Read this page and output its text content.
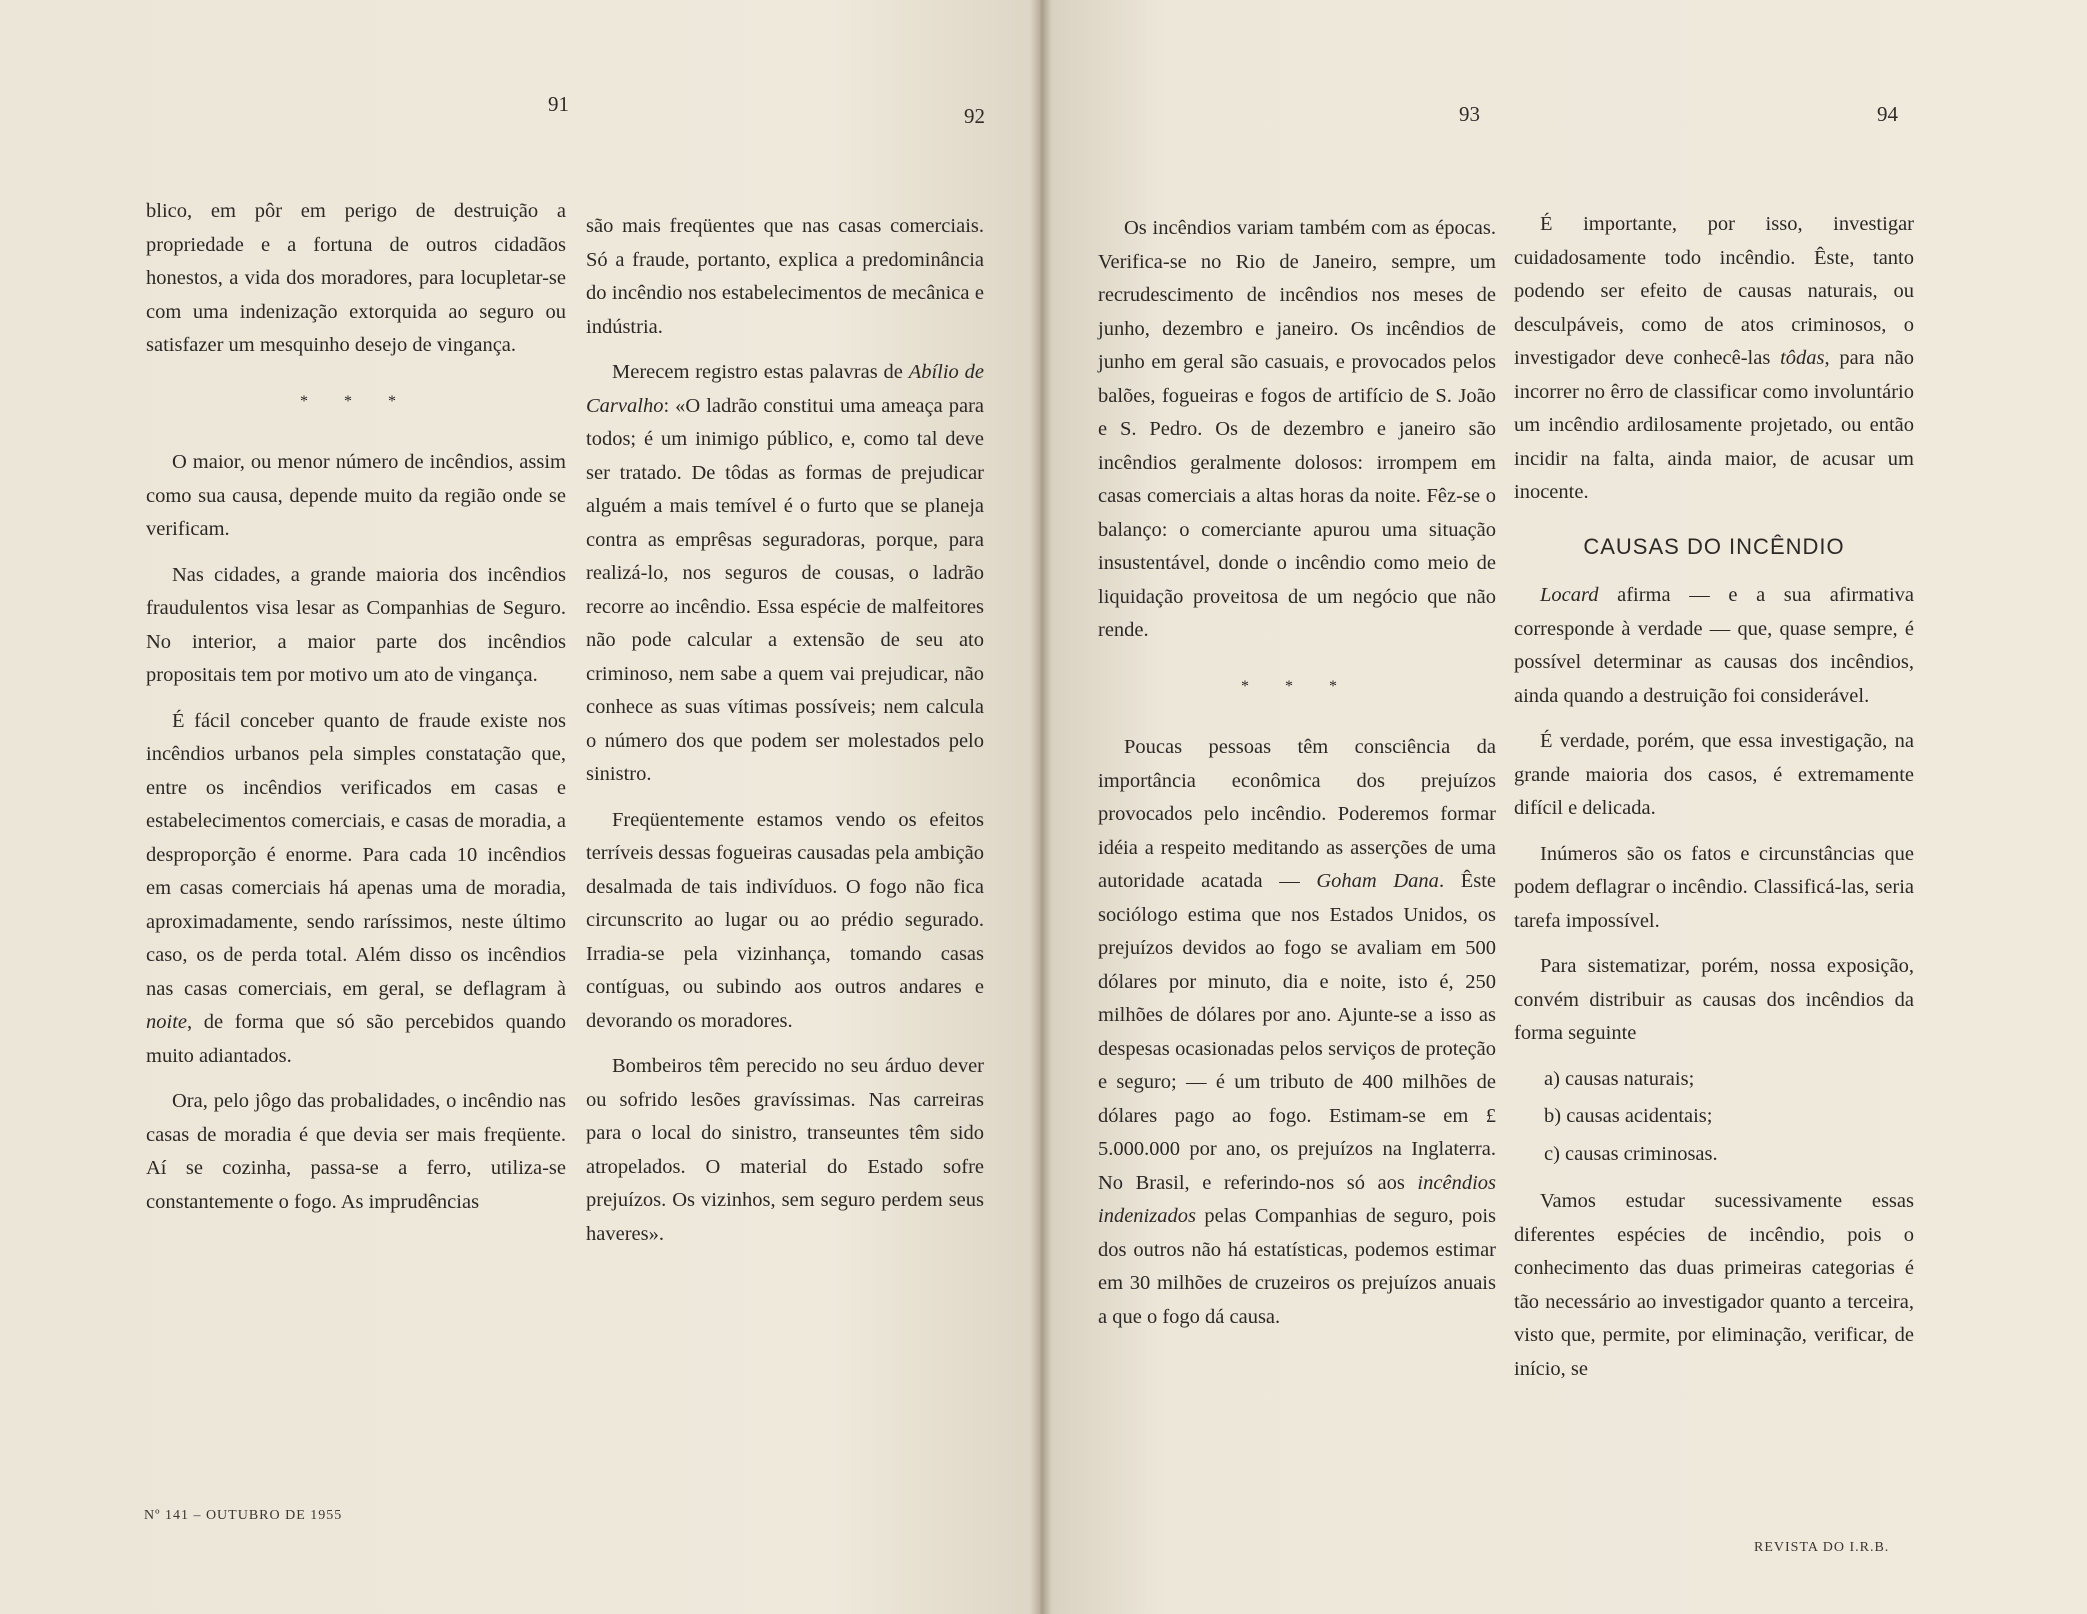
91	92	93	94

blico, em pôr em perigo de destruição a propriedade e a fortuna de outros cidadãos honestos, a vida dos moradores, para locupletar-se com uma indenização extorquida ao seguro ou satisfazer um mesquinho desejo de vingança.

* * *

O maior, ou menor número de incêndios, assim como sua causa, depende muito da região onde se verificam.

Nas cidades, a grande maioria dos incêndios fraudulentos visa lesar as Companhias de Seguro. No interior, a maior parte dos incêndios propositais tem por motivo um ato de vingança.

É fácil conceber quanto de fraude existe nos incêndios urbanos pela simples constatação que, entre os incêndios verificados em casas e estabelecimentos comerciais, e casas de moradia, a desproporção é enorme. Para cada 10 incêndios em casas comerciais há apenas uma de moradia, aproximadamente, sendo raríssimos, neste último caso, os de perda total. Além disso os incêndios nas casas comerciais, em geral, se deflagram à noite, de forma que só são percebidos quando muito adiantados.

Ora, pelo jôgo das probalidades, o incêndio nas casas de moradia é que devia ser mais freqüente. Aí se cozinha, passa-se a ferro, utiliza-se constantemente o fogo. As imprudências

são mais freqüentes que nas casas comerciais. Só a fraude, portanto, explica a predominância do incêndio nos estabelecimentos de mecânica e indústria.

Merecem registro estas palavras de Abílio de Carvalho: «O ladrão constitui uma ameaça para todos; é um inimigo público, e, como tal deve ser tratado. De tôdas as formas de prejudicar alguém a mais temível é o furto que se planeja contra as emprêsas seguradoras, porque, para realizá-lo, nos seguros de cousas, o ladrão recorre ao incêndio. Essa espécie de malfeitores não pode calcular a extensão de seu ato criminoso, nem sabe a quem vai prejudicar, não conhece as suas vítimas possíveis; nem calcula o número dos que podem ser molestados pelo sinistro.

Freqüentemente estamos vendo os efeitos terríveis dessas fogueiras causadas pela ambição desalmada de tais indivíduos. O fogo não fica circunscrito ao lugar ou ao prédio segurado. Irradia-se pela vizinhança, tomando casas contíguas, ou subindo aos outros andares e devorando os moradores.

Bombeiros têm perecido no seu árduo dever ou sofrido lesões gravíssimas. Nas carreiras para o local do sinistro, transeuntes têm sido atropelados. O material do Estado sofre prejuízos. Os vizinhos, sem seguro perdem seus haveres».

Os incêndios variam também com as épocas. Verifica-se no Rio de Janeiro, sempre, um recrudescimento de incêndios nos meses de junho, dezembro e janeiro. Os incêndios de junho em geral são casuais, e provocados pelos balões, fogueiras e fogos de artifício de S. João e S. Pedro. Os de dezembro e janeiro são incêndios geralmente dolosos: irrompem em casas comerciais a altas horas da noite. Fêz-se o balanço: o comerciante apurou uma situação insustentável, donde o incêndio como meio de liquidação proveitosa de um negócio que não rende.

* * *

Poucas pessoas têm consciência da importância econômica dos prejuízos provocados pelo incêndio. Poderemos formar idéia a respeito meditando as asserções de uma autoridade acatada — Goham Dana. Êste sociólogo estima que nos Estados Unidos, os prejuízos devidos ao fogo se avaliam em 500 dólares por minuto, dia e noite, isto é, 250 milhões de dólares por ano. Ajunte-se a isso as despesas ocasionadas pelos serviços de proteção e seguro; — é um tributo de 400 milhões de dólares pago ao fogo. Estimam-se em £ 5.000.000 por ano, os prejuízos na Inglaterra. No Brasil, e referindo-nos só aos incêndios indenizados pelas Companhias de seguro, pois dos outros não há estatísticas, podemos estimar em 30 milhões de cruzeiros os prejuízos anuais a que o fogo dá causa.

É importante, por isso, investigar cuidadosamente todo incêndio. Êste, tanto podendo ser efeito de causas naturais, ou desculpáveis, como de atos criminosos, o investigador deve conhecê-las tôdas, para não incorrer no êrro de classificar como involuntário um incêndio ardilosamente projetado, ou então incidir na falta, ainda maior, de acusar um inocente.

CAUSAS DO INCÊNDIO

Locard afirma — e a sua afirmativa corresponde à verdade — que, quase sempre, é possível determinar as causas dos incêndios, ainda quando a destruição foi considerável.

É verdade, porém, que essa investigação, na grande maioria dos casos, é extremamente difícil e delicada.

Inúmeros são os fatos e circunstâncias que podem deflagrar o incêndio. Classificá-las, seria tarefa impossível.

Para sistematizar, porém, nossa exposição, convém distribuir as causas dos incêndios da forma seguinte

a) causas naturais;
b) causas acidentais;
c) causas criminosas.

Vamos estudar sucessivamente essas diferentes espécies de incêndio, pois o conhecimento das duas primeiras categorias é tão necessário ao investigador quanto a terceira, visto que, permite, por eliminação, verificar, de início, se

Nº 141 – OUTUBRO DE 1955
REVISTA DO I.R.B.
